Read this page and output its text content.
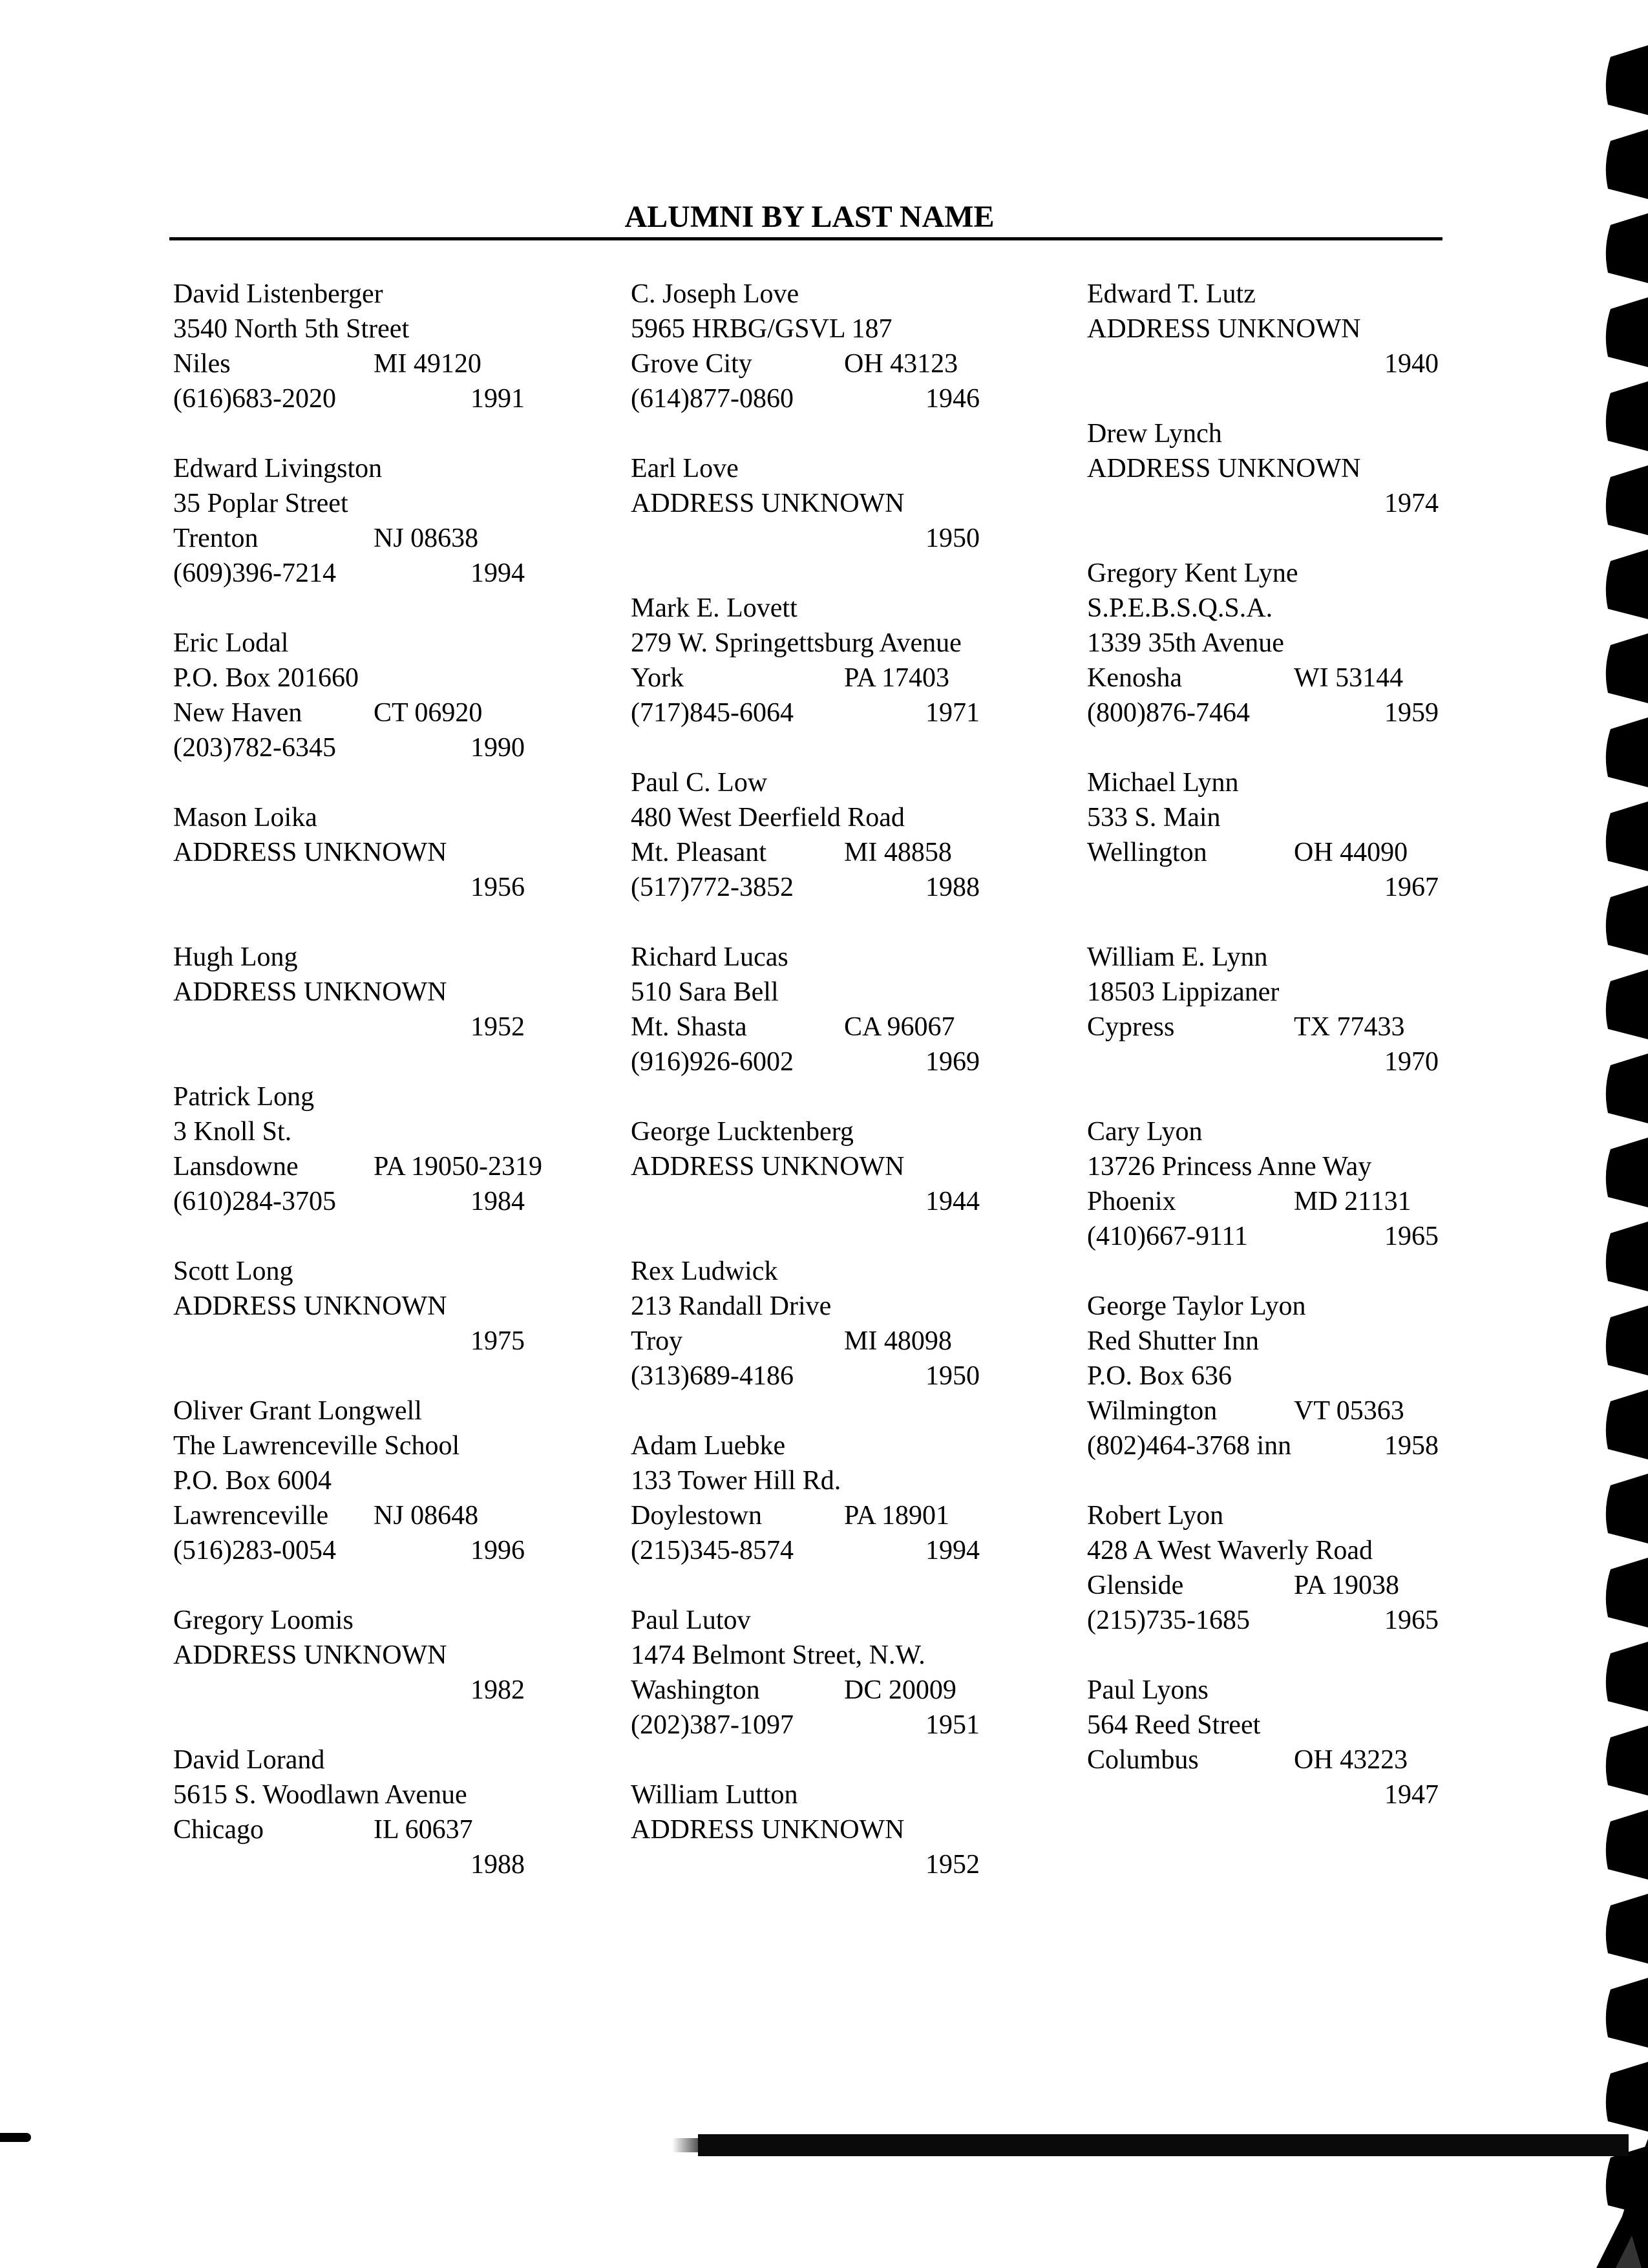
ALUMNI BY LAST NAME
David Listenberger
3540 North 5th Street
Niles	MI 49120
(616)683-2020	1991
Edward Livingston
35 Poplar Street
Trenton	NJ 08638
(609)396-7214	1994
Eric Lodal
P.O. Box 201660
New Haven	CT 06920
(203)782-6345	1990
Mason Loika
ADDRESS UNKNOWN
1956
Hugh Long
ADDRESS UNKNOWN
1952
Patrick Long
3 Knoll St.
Lansdowne	PA 19050-2319
(610)284-3705	1984
Scott Long
ADDRESS UNKNOWN
1975
Oliver Grant Longwell
The Lawrenceville School
P.O. Box 6004
Lawrenceville NJ 08648
(516)283-0054	1996
Gregory Loomis
ADDRESS UNKNOWN
1982
David Lorand
5615 S. Woodlawn Avenue
Chicago	IL 60637
1988
C. Joseph Love
5965 HRBG/GSVL 187
Grove City	OH 43123
(614)877-0860	1946
Earl Love
ADDRESS UNKNOWN
1950
Mark E. Lovett
279 W. Springettsburg Avenue
York	PA 17403
(717)845-6064	1971
Paul C. Low
480 West Deerfield Road
Mt. Pleasant	MI 48858
(517)772-3852	1988
Richard Lucas
510 Sara Bell
Mt. Shasta	CA 96067
(916)926-6002	1969
George Lucktenberg
ADDRESS UNKNOWN
1944
Rex Ludwick
213 Randall Drive
Troy	MI 48098
(313)689-4186	1950
Adam Luebke
133 Tower Hill Rd.
Doylestown	PA 18901
(215)345-8574	1994
Paul Lutov
1474 Belmont Street, N.W.
Washington	DC 20009
(202)387-1097	1951
William Lutton
ADDRESS UNKNOWN
1952
Edward T. Lutz
ADDRESS UNKNOWN
1940
Drew Lynch
ADDRESS UNKNOWN
1974
Gregory Kent Lyne
S.P.E.B.S.Q.S.A.
1339 35th Avenue
Kenosha	WI 53144
(800)876-7464	1959
Michael Lynn
533 S. Main
Wellington	OH 44090
1967
William E. Lynn
18503 Lippizaner
Cypress	TX 77433
1970
Cary Lyon
13726 Princess Anne Way
Phoenix	MD 21131
(410)667-9111	1965
George Taylor Lyon
Red Shutter Inn
P.O. Box 636
Wilmington	VT 05363
(802)464-3768 inn	1958
Robert Lyon
428 A West Waverly Road
Glenside	PA 19038
(215)735-1685	1965
Paul Lyons
564 Reed Street
Columbus	OH 43223
1947
